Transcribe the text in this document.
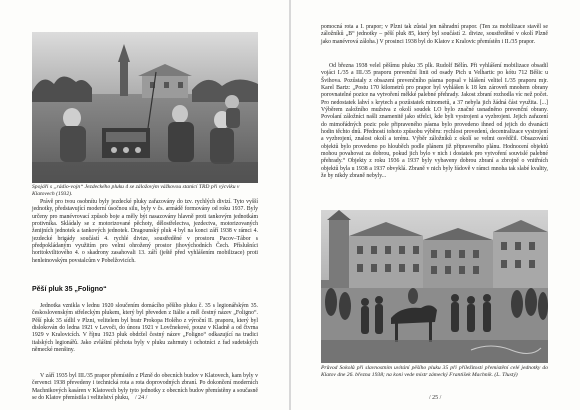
Spojáři s „rádio-vojn“ Jezdeckého pluku 4 se záložovým vážkovou stanicí TRD při výcviku v Klatovech (1932).

Právě pro tvou osobnítu byly jezdecké pluky zařazovány do tzv. rychlých divizí. Tyto vyšší jednotky, představující moderní úsočnou silu, byly v čs. armádě formovány od roku 1937. Byly určeny pro manévrovací způsob boje a měly být nasazovány hlavně proti tankovým jednotkám protivníka. Skládaly se z motorizované pěchoty, dělostřelectva, jezdectva, motorizovaných ženijních jednotek a tankových jednotek. Dragounský pluk 4 byl na konci září 1938 v rámci 4. jezdecké brigády součástí 4. rychlé divize, soustředěné v prostoru Pacov–Tábor s předpokládaným využitím pro velmi ohrožený prostor jihovýchodních Čech. Příslušníci horitokvilitového 4. o skadrony zasahovali 13. září (ještě před vyhlášením mobilizace) proti henleinovským povstalcům v Pobelžovicích.

Pěší pluk 35 „Foligno“

Jednotka vznikla v lednu 1920 sloučením domácího pěšího pluku č. 35 s legionářským 35. československým střeleckým plukem, který byl převeden z Itálie a měl čestný název „Foligno“. Pěší pluk 35 sídlil v Plzni, velitelem byl bratr Prokopa Holého z výroční II. praporu, který byl dislokován do ledna 1921 v Levoči, do února 1921 v Lovčnekové, pouze v Kladně a od čtvrna 1929 v Kralovicích. V říjnu 1923 pluk obdržel čestný název „Foligno“ odkazující na tradici italských legionářů. Jako zvláštní pěchota byly v pluku zahrnuty i ochotníci z řad sudetských německé menšiny.

V září 1935 byl III./35 prapor přemístěn z Plzně do obecních budov v Klatovech, kam byly v červenci 1938 převedeny i technická rota a rota doprovodných zbraní. Po dokončení moderních Machnikových kasáren v Klatovech byly tyto jednotky z obecních budov přemístěny a současně se do Klatov přemístila i velitelství pluku, / 24 /

pomocná rota a I. prapor; v Plzni tak zůstal jen náhradní prapor. (Ten za mobilizace stavěl se záložníků „B“ jednotky – pěší pluk 85, který byl součástí 2. divize, soustředěné v okolí Plzně jako manévrová záloha.) V prosinci 1938 byl do Klatov z Kralovic přemístěn i II./35 prapor.

Od března 1938 velel pěšímu pluku 35 plk. Rudolf Bělín. Při vyhlášení mobilizace obsadil vojáci I./35 a III./35 praporu prevenční linii od osady Pich u Velhartic po kótu 712 Běšic u Švihova. Pozůstaly z obsazení prevenčního pásma popsal v hlášení velitel I./35 praporu mjr. Karel Bartz: „Postu 170 kilometrů pro prapor byl vyhlášen k 18 km zároveň mnohem obrany porovnatelné pozice na vytvoření měkké palebné přehrady. Jakost zbraní rozhodla víc než počet. Pro nedostatek lahví s krytech a pozůstatek minometů, a 37 nebyla jich žádná část využita. [...] Výběrem založního mužstva z okolí soudek LO bylo značné usnadněno prevenční obrany. Povolaní záložníci našli znamenitě jako střelci, kde byli vystrojeni a vyzbrojeni. Jejich zařazení do mimořádných pozic pole připraveného pásma bylo provedeno ihned od jejich do dvanácti hodin těchto dnů. Předností tohoto způsobu výběru: rychlost provedení, decentralizace vystrojení a vyzbrojení, znalost okolí a terénu. Výběr záložníků z okolí se velmi osvědčil. Obsazování objektů bylo provedeno po hlouběch podle plánem již připraveného plánu. Hodnocení objektů mohou povahovat za dobrou, pokud jich bylo v nich i dostatek pro vytvoření souvislé palebné přehrady.“ Objekty z roku 1936 a 1937 byly vybaveny dobrou zbraní a zbrojně o vnitřních objektů byla u 1938 a 1937 obvyklá. Zbraně v nich byly řádově v rámci mnoha tak slabé kvality, že by nikdy zbraně nebyly...

Průvod Sokolů při slavnostním uvítání pěšího pluku 35 při příležitosti přemístění celé jednotky do Klatov dne 26. března 1938; na koni vede mistr zámecký František Machník. (L. Tlustý)

/ 25 /
